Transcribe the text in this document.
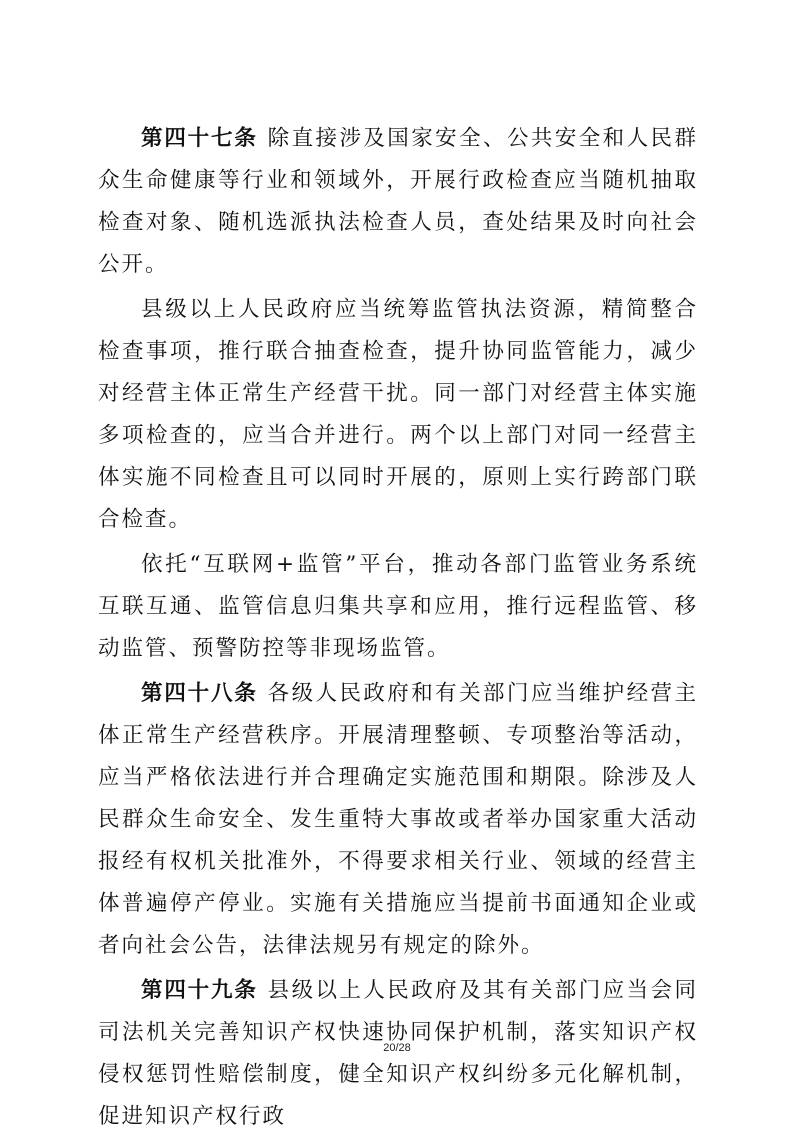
第四十七条 除直接涉及国家安全、公共安全和人民群众生命健康等行业和领域外，开展行政检查应当随机抽取检查对象、随机选派执法检查人员，查处结果及时向社会公开。

县级以上人民政府应当统筹监管执法资源，精简整合检查事项，推行联合抽查检查，提升协同监管能力，减少对经营主体正常生产经营干扰。同一部门对经营主体实施多项检查的，应当合并进行。两个以上部门对同一经营主体实施不同检查且可以同时开展的，原则上实行跨部门联合检查。

依托“互联网+监管”平台，推动各部门监管业务系统互联互通、监管信息归集共享和应用，推行远程监管、移动监管、预警防控等非现场监管。

第四十八条 各级人民政府和有关部门应当维护经营主体正常生产经营秩序。开展清理整顿、专项整治等活动，应当严格依法进行并合理确定实施范围和期限。除涉及人民群众生命安全、发生重特大事故或者举办国家重大活动报经有权机关批准外，不得要求相关行业、领域的经营主体普遍停产停业。实施有关措施应当提前书面通知企业或者向社会公告，法律法规另有规定的除外。

第四十九条 县级以上人民政府及其有关部门应当会同司法机关完善知识产权快速协同保护机制，落实知识产权侵权惩罚性赔偿制度，健全知识产权纠纷多元化解机制，促进知识产权行政

20/28
